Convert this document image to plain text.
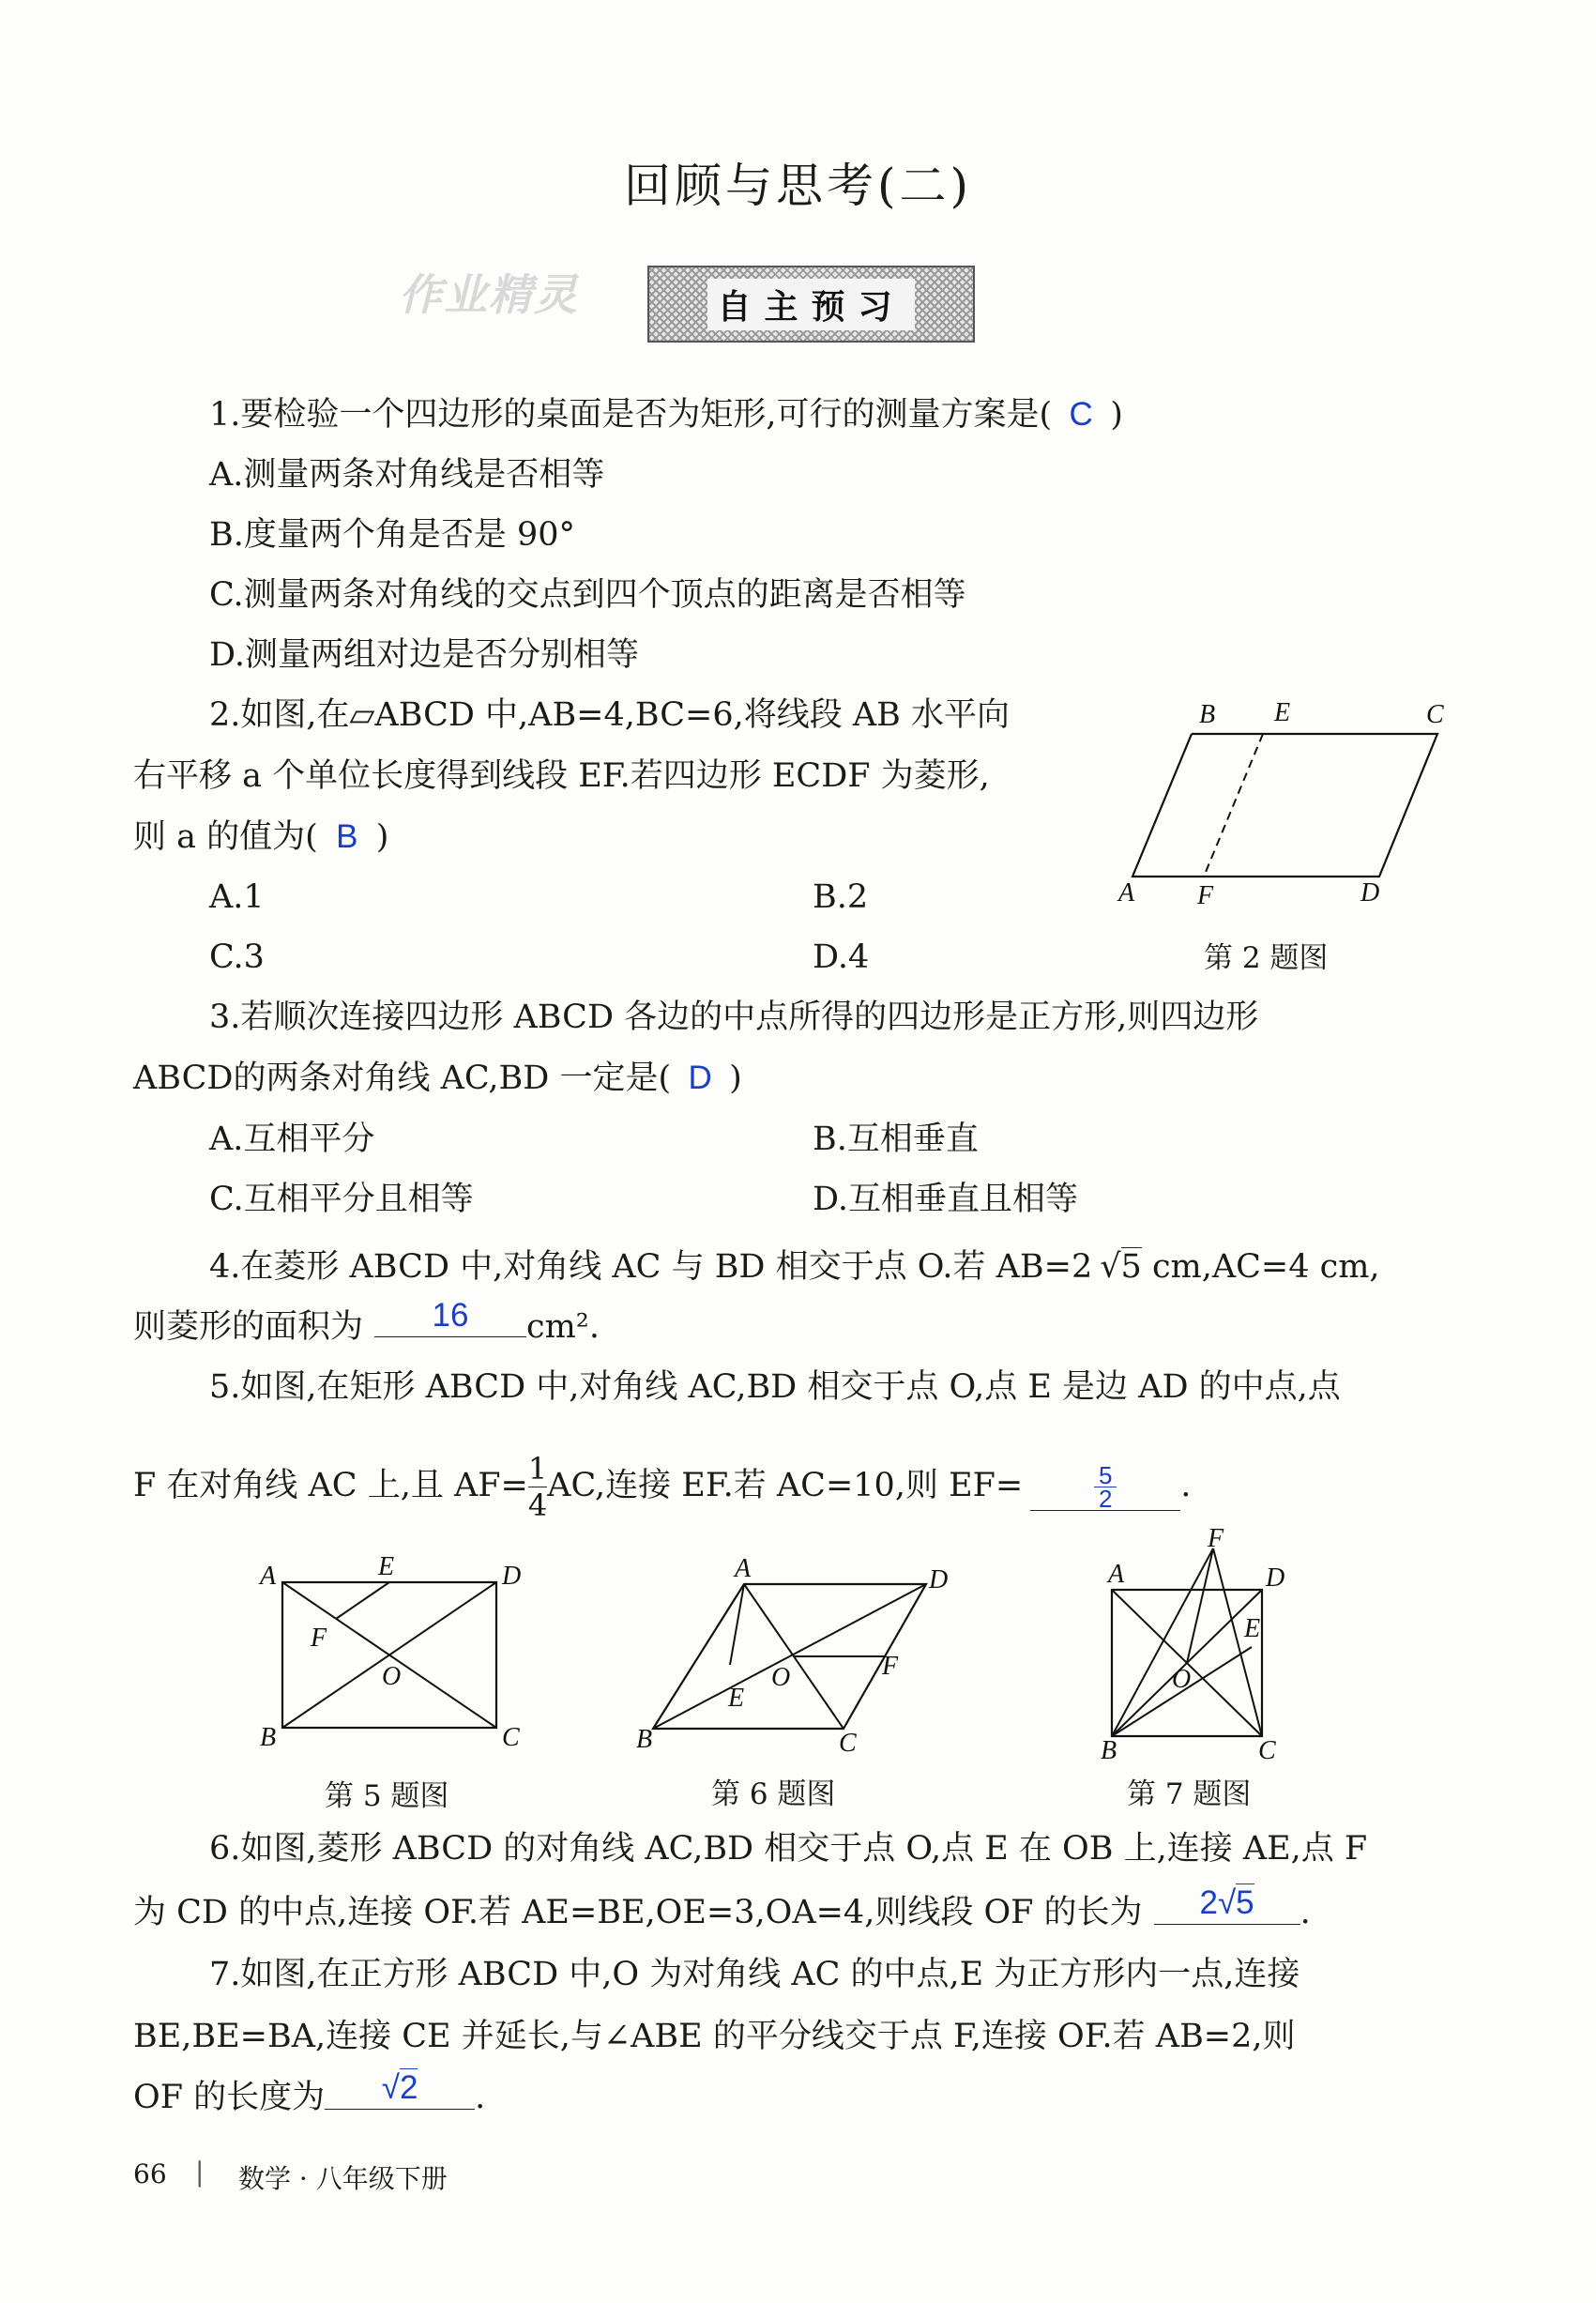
回顾与思考(二)
作业精灵	自主预习
1.要检验一个四边形的桌面是否为矩形,可行的测量方案是( C )
A.测量两条对角线是否相等
B.度量两个角是否是 90°
C.测量两条对角线的交点到四个顶点的距离是否相等
D.测量两组对边是否分别相等
2.如图,在▱ABCD 中,AB=4,BC=6,将线段 AB 水平向
右平移 a 个单位长度得到线段 EF.若四边形 ECDF 为菱形,
则 a 的值为( B )
A.1	B.2
C.3	D.4
B E	C
A F	D
第 2 题图
3.若顺次连接四边形 ABCD 各边的中点所得的四边形是正方形,则四边形
ABCD的两条对角线 AC,BD 一定是( D )
A.互相平分	B.互相垂直
C.互相平分且相等	D.互相垂直且相等
4.在菱形 ABCD 中,对角线 AC 与 BD 相交于点 O.若 AB=2 √5 cm,AC=4 cm,
则菱形的面积为 16 cm².
5.如图,在矩形 ABCD 中,对角线 AC,BD 相交于点 O,点 E 是边 AD 的中点,点
F 在对角线 AC 上,且 $AF= \frac{1}{4}$ AC,连接 EF.若 AC=10,则 $EF= \frac{5}{2}$ .
A	E	D
F
O
B	C
第 5 题图
A	D
F
O
E
B	C
第 6 题图
F
A	D
E
O
B	C
第 7 题图
6.如图,菱形 ABCD 的对角线 AC,BD 相交于点 O,点 E 在 OB 上,连接 AE,点 F
为 CD 的中点,连接 OF.若 AE=BE,OE=3,OA=4,则线段 OF 的长为 2√5 .
7.如图,在正方形 ABCD 中,O 为对角线 AC 的中点,E 为正方形内一点,连接
BE,BE=BA,连接 CE 并延长,与∠ABE 的平分线交于点 F,连接 OF.若 AB=2,则
OF 的长度为 √2 .
66 | 数学 · 八年级下册
